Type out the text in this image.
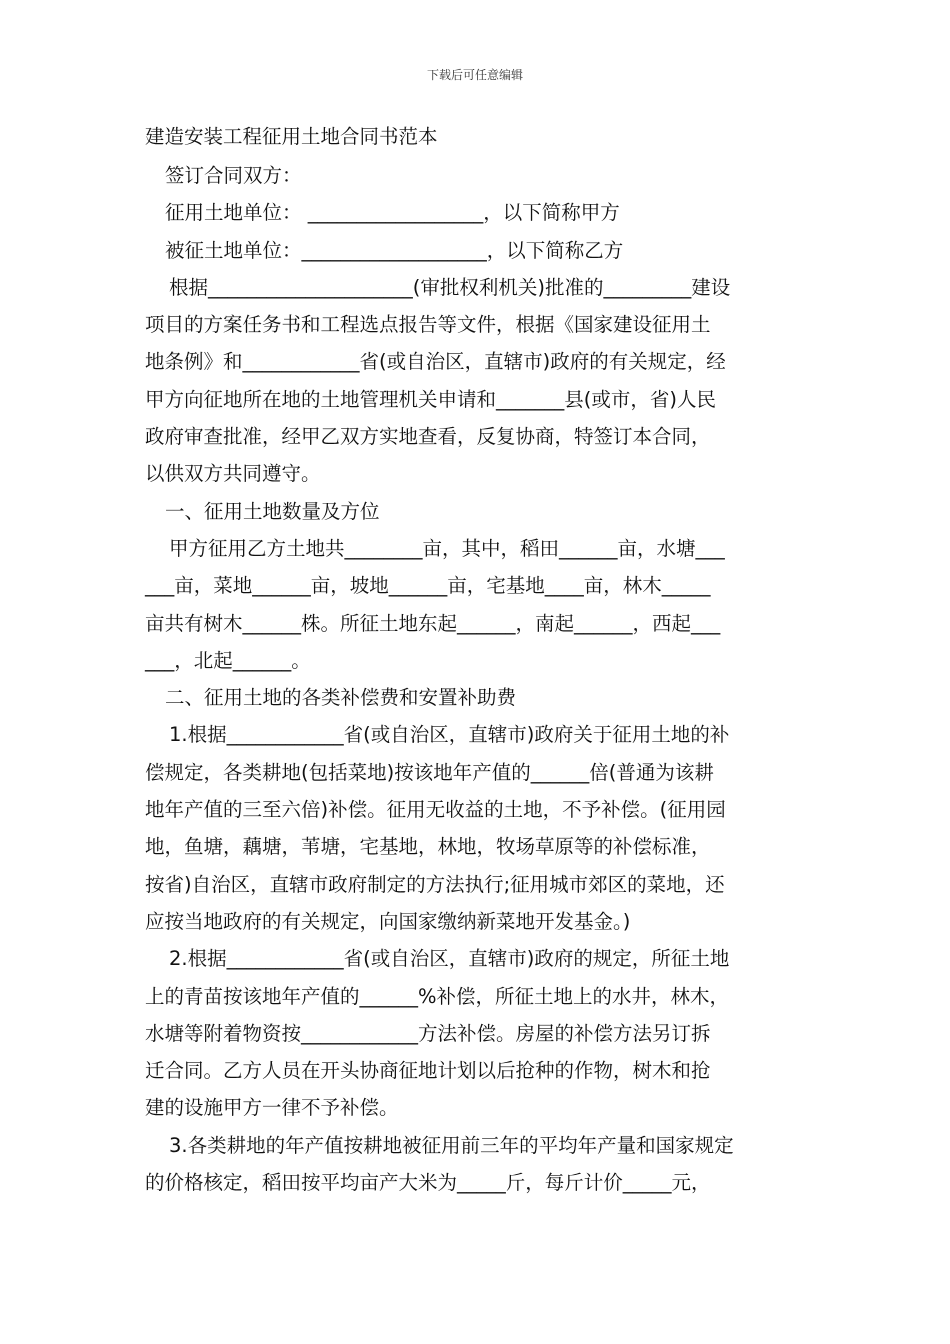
下载后可任意编辑
建造安装工程征用土地合同书范本

签订合同双方：

征用土地单位： __________________，以下简称甲方

被征土地单位：___________________，以下简称乙方

根据_____________________(审批权利机关)批准的_________建设

项目的方案任务书和工程选点报告等文件，根据《国家建设征用土

地条例》和____________省(或自治区，直辖市)政府的有关规定，经

甲方向征地所在地的土地管理机关申请和_______县(或市，省)人民

政府审查批准，经甲乙双方实地查看，反复协商，特签订本合同，

以供双方共同遵守。

一、征用土地数量及方位

甲方征用乙方土地共________亩，其中，稻田______亩，水塘___

___亩，菜地______亩，坡地______亩，宅基地____亩，林木_____

亩共有树木______株。所征土地东起______，南起______，西起___

___，北起______。

二、征用土地的各类补偿费和安置补助费

1.根据____________省(或自治区，直辖市)政府关于征用土地的补

偿规定，各类耕地(包括菜地)按该地年产值的______倍(普通为该耕

地年产值的三至六倍)补偿。征用无收益的土地，不予补偿。(征用园

地，鱼塘，藕塘，苇塘，宅基地，林地，牧场草原等的补偿标准，

按省)自治区，直辖市政府制定的方法执行;征用城市郊区的菜地，还

应按当地政府的有关规定，向国家缴纳新菜地开发基金。)

2.根据____________省(或自治区，直辖市)政府的规定，所征土地

上的青苗按该地年产值的______%补偿，所征土地上的水井，林木，

水塘等附着物资按____________方法补偿。房屋的补偿方法另订拆

迁合同。乙方人员在开头协商征地计划以后抢种的作物，树木和抢

建的设施甲方一律不予补偿。

3.各类耕地的年产值按耕地被征用前三年的平均年产量和国家规定

的价格核定，稻田按平均亩产大米为_____斤，每斤计价_____元，
